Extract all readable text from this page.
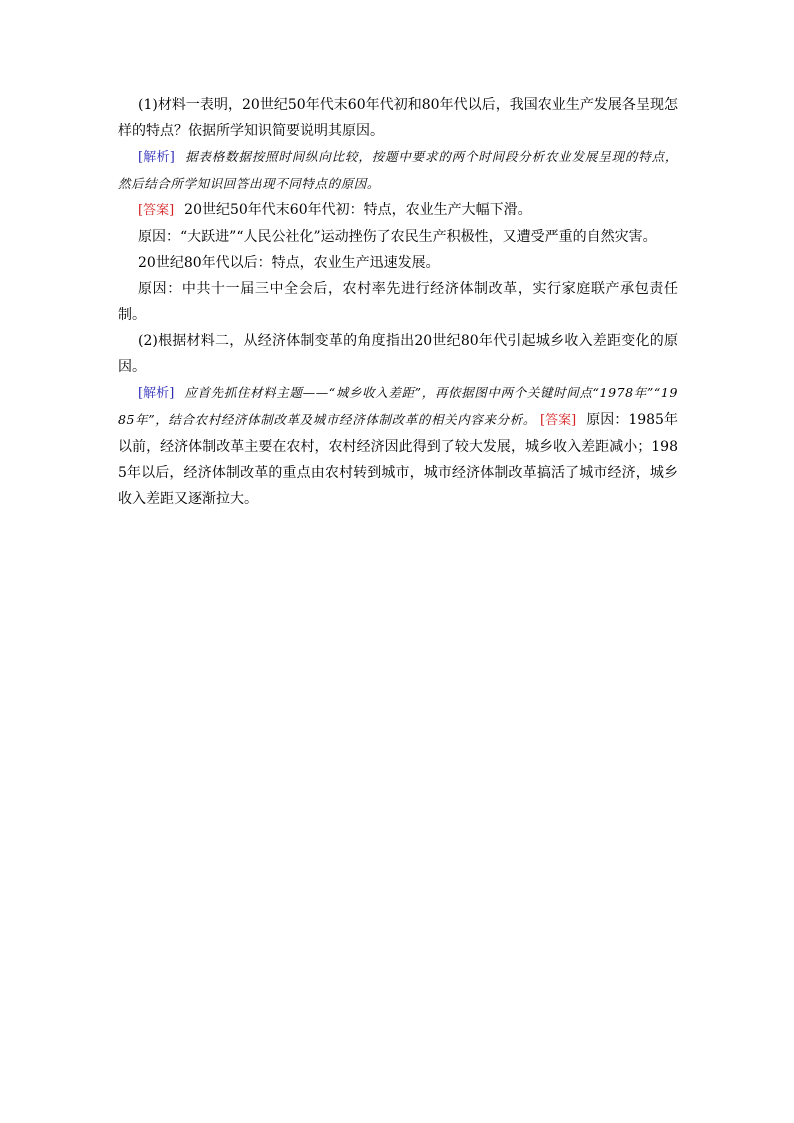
(1)材料一表明，20世纪50年代末60年代初和80年代以后，我国农业生产发展各呈现怎样的特点？依据所学知识简要说明其原因。

[解析] 据表格数据按照时间纵向比较，按题中要求的两个时间段分析农业发展呈现的特点，然后结合所学知识回答出现不同特点的原因。

[答案] 20世纪50年代末60年代初：特点，农业生产大幅下滑。

原因：“大跃进”“人民公社化”运动挫伤了农民生产积极性，又遭受严重的自然灾害。

20世纪80年代以后：特点，农业生产迅速发展。

原因：中共十一届三中全会后，农村率先进行经济体制改革，实行家庭联产承包责任制。

(2)根据材料二，从经济体制变革的角度指出20世纪80年代引起城乡收入差距变化的原因。

[解析] 应首先抓住材料主题——“城乡收入差距”，再依据图中两个关键时间点“1978年”“1985年”，结合农村经济体制改革及城市经济体制改革的相关内容来分析。 [答案] 原因：1985年以前，经济体制改革主要在农村，农村经济因此得到了较大发展，城乡收入差距减小；1985年以后，经济体制改革的重点由农村转到城市，城市经济体制改革搞活了城市经济，城乡收入差距又逐渐拉大。
